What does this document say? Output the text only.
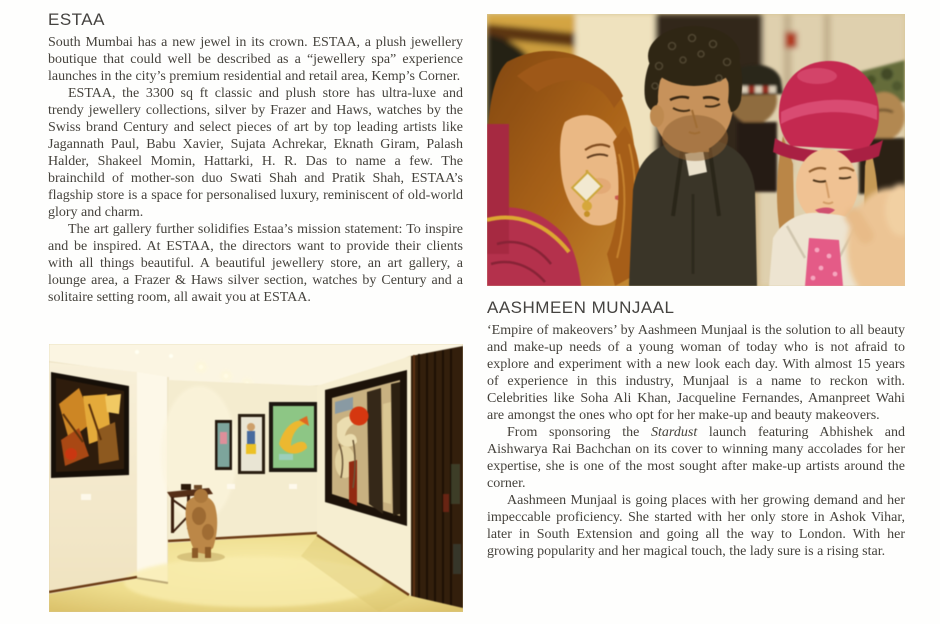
ESTAA

South Mumbai has a new jewel in its crown. ESTAA, a plush jewellery boutique that could well be described as a “jewellery spa” experience launches in the city’s premium residential and retail area, Kemp’s Corner.

ESTAA, the 3300 sq ft classic and plush store has ultra-luxe and trendy jewellery collections, silver by Frazer and Haws, watches by the Swiss brand Century and select pieces of art by top leading artists like Jagannath Paul, Babu Xavier, Sujata Achrekar, Eknath Giram, Palash Halder, Shakeel Momin, Hattarki, H. R. Das to name a few. The brainchild of mother-son duo Swati Shah and Pratik Shah, ESTAA’s flagship store is a space for personalised luxury, reminiscent of old-world glory and charm.

The art gallery further solidifies Estaa’s mission statement: To inspire and be inspired. At ESTAA, the directors want to provide their clients with all things beautiful. A beautiful jewellery store, an art gallery, a lounge area, a Frazer & Haws silver section, watches by Century and a solitaire setting room, all await you at ESTAA.

AASHMEEN MUNJAAL

‘Empire of makeovers’ by Aashmeen Munjaal is the solution to all beauty and make-up needs of a young woman of today who is not afraid to explore and experiment with a new look each day. With almost 15 years of experience in this industry, Munjaal is a name to reckon with. Celebrities like Soha Ali Khan, Jacqueline Fernandes, Amanpreet Wahi are amongst the ones who opt for her make-up and beauty makeovers.

From sponsoring the Stardust launch featuring Abhishek and Aishwarya Rai Bachchan on its cover to winning many accolades for her expertise, she is one of the most sought after make-up artists around the corner.

Aashmeen Munjaal is going places with her growing demand and her impeccable proficiency. She started with her only store in Ashok Vihar, later in South Extension and going all the way to London. With her growing popularity and her magical touch, the lady sure is a rising star.
